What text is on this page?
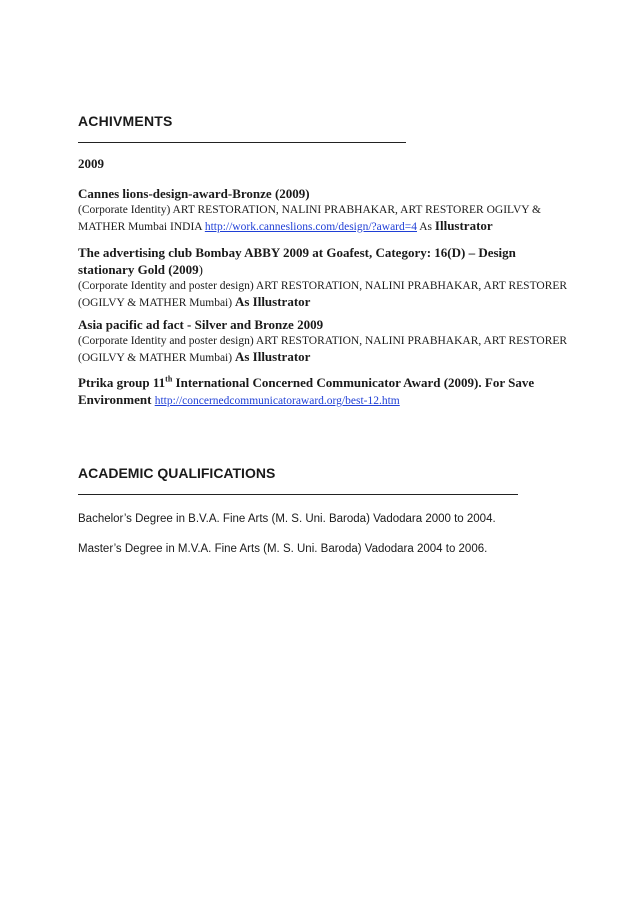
ACHIVMENTS
2009
Cannes lions-design-award-Bronze (2009)
(Corporate Identity) ART RESTORATION, NALINI PRABHAKAR, ART RESTORER OGILVY & MATHER Mumbai INDIA http://work.canneslions.com/design/?award=4 As Illustrator
The advertising club Bombay ABBY 2009 at Goafest, Category: 16(D) – Design stationary Gold (2009)
(Corporate Identity and poster design) ART RESTORATION, NALINI PRABHAKAR, ART RESTORER (OGILVY & MATHER Mumbai) As Illustrator
Asia pacific ad fact - Silver and Bronze 2009
(Corporate Identity and poster design) ART RESTORATION, NALINI PRABHAKAR, ART RESTORER (OGILVY & MATHER Mumbai) As Illustrator
Ptrika group 11th International Concerned Communicator Award (2009). For Save Environment http://concernedcommunicatoraward.org/best-12.htm
ACADEMIC QUALIFICATIONS
Bachelor’s Degree in B.V.A. Fine Arts (M. S. Uni. Baroda) Vadodara 2000 to 2004.
Master’s Degree in M.V.A. Fine Arts (M. S. Uni. Baroda) Vadodara 2004 to 2006.
